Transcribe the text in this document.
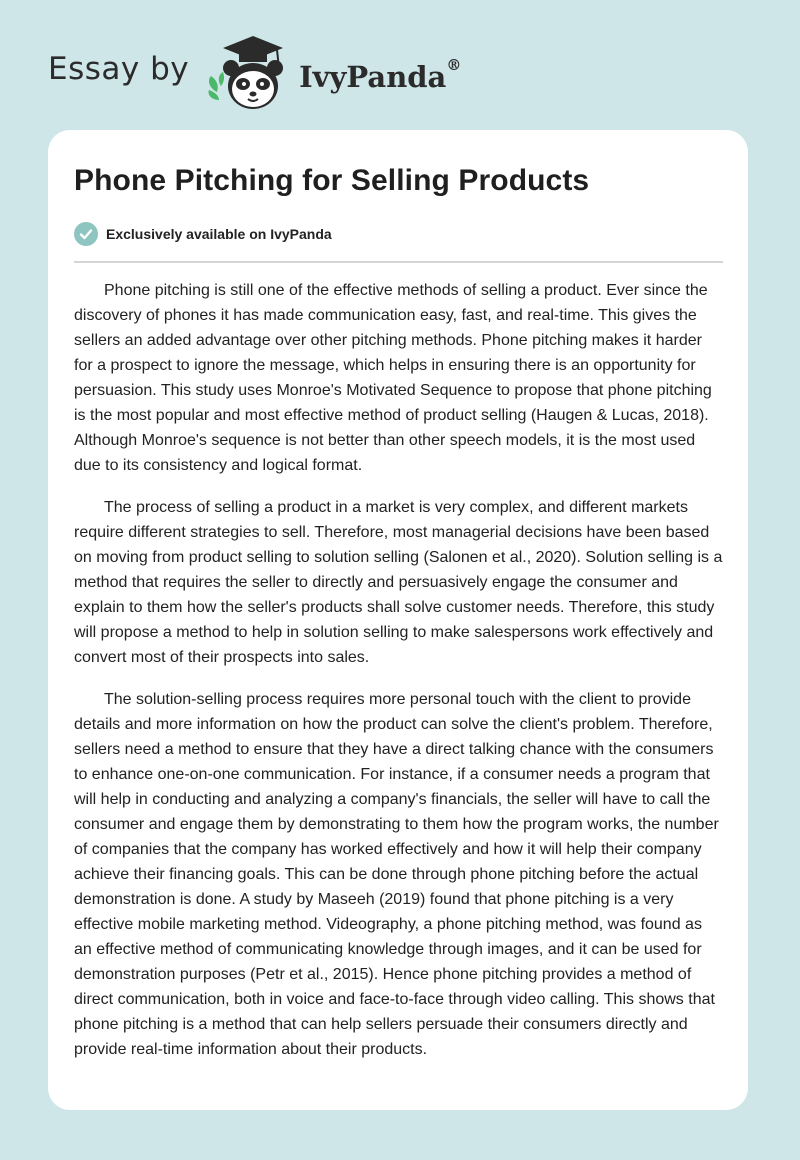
Essay by	IvyPanda®
Phone Pitching for Selling Products
Exclusively available on IvyPanda

Phone pitching is still one of the effective methods of selling a product. Ever since the discovery of phones it has made communication easy, fast, and real-time. This gives the sellers an added advantage over other pitching methods. Phone pitching makes it harder for a prospect to ignore the message, which helps in ensuring there is an opportunity for persuasion. This study uses Monroe's Motivated Sequence to propose that phone pitching is the most popular and most effective method of product selling (Haugen & Lucas, 2018). Although Monroe's sequence is not better than other speech models, it is the most used due to its consistency and logical format.

The process of selling a product in a market is very complex, and different markets require different strategies to sell. Therefore, most managerial decisions have been based on moving from product selling to solution selling (Salonen et al., 2020). Solution selling is a method that requires the seller to directly and persuasively engage the consumer and explain to them how the seller's products shall solve customer needs. Therefore, this study will propose a method to help in solution selling to make salespersons work effectively and convert most of their prospects into sales.

The solution-selling process requires more personal touch with the client to provide details and more information on how the product can solve the client's problem. Therefore, sellers need a method to ensure that they have a direct talking chance with the consumers to enhance one-on-one communication. For instance, if a consumer needs a program that will help in conducting and analyzing a company's financials, the seller will have to call the consumer and engage them by demonstrating to them how the program works, the number of companies that the company has worked effectively and how it will help their company achieve their financing goals. This can be done through phone pitching before the actual demonstration is done. A study by Maseeh (2019) found that phone pitching is a very effective mobile marketing method. Videography, a phone pitching method, was found as an effective method of communicating knowledge through images, and it can be used for demonstration purposes (Petr et al., 2015). Hence phone pitching provides a method of direct communication, both in voice and face-to-face through video calling. This shows that phone pitching is a method that can help sellers persuade their consumers directly and provide real-time information about their products.
